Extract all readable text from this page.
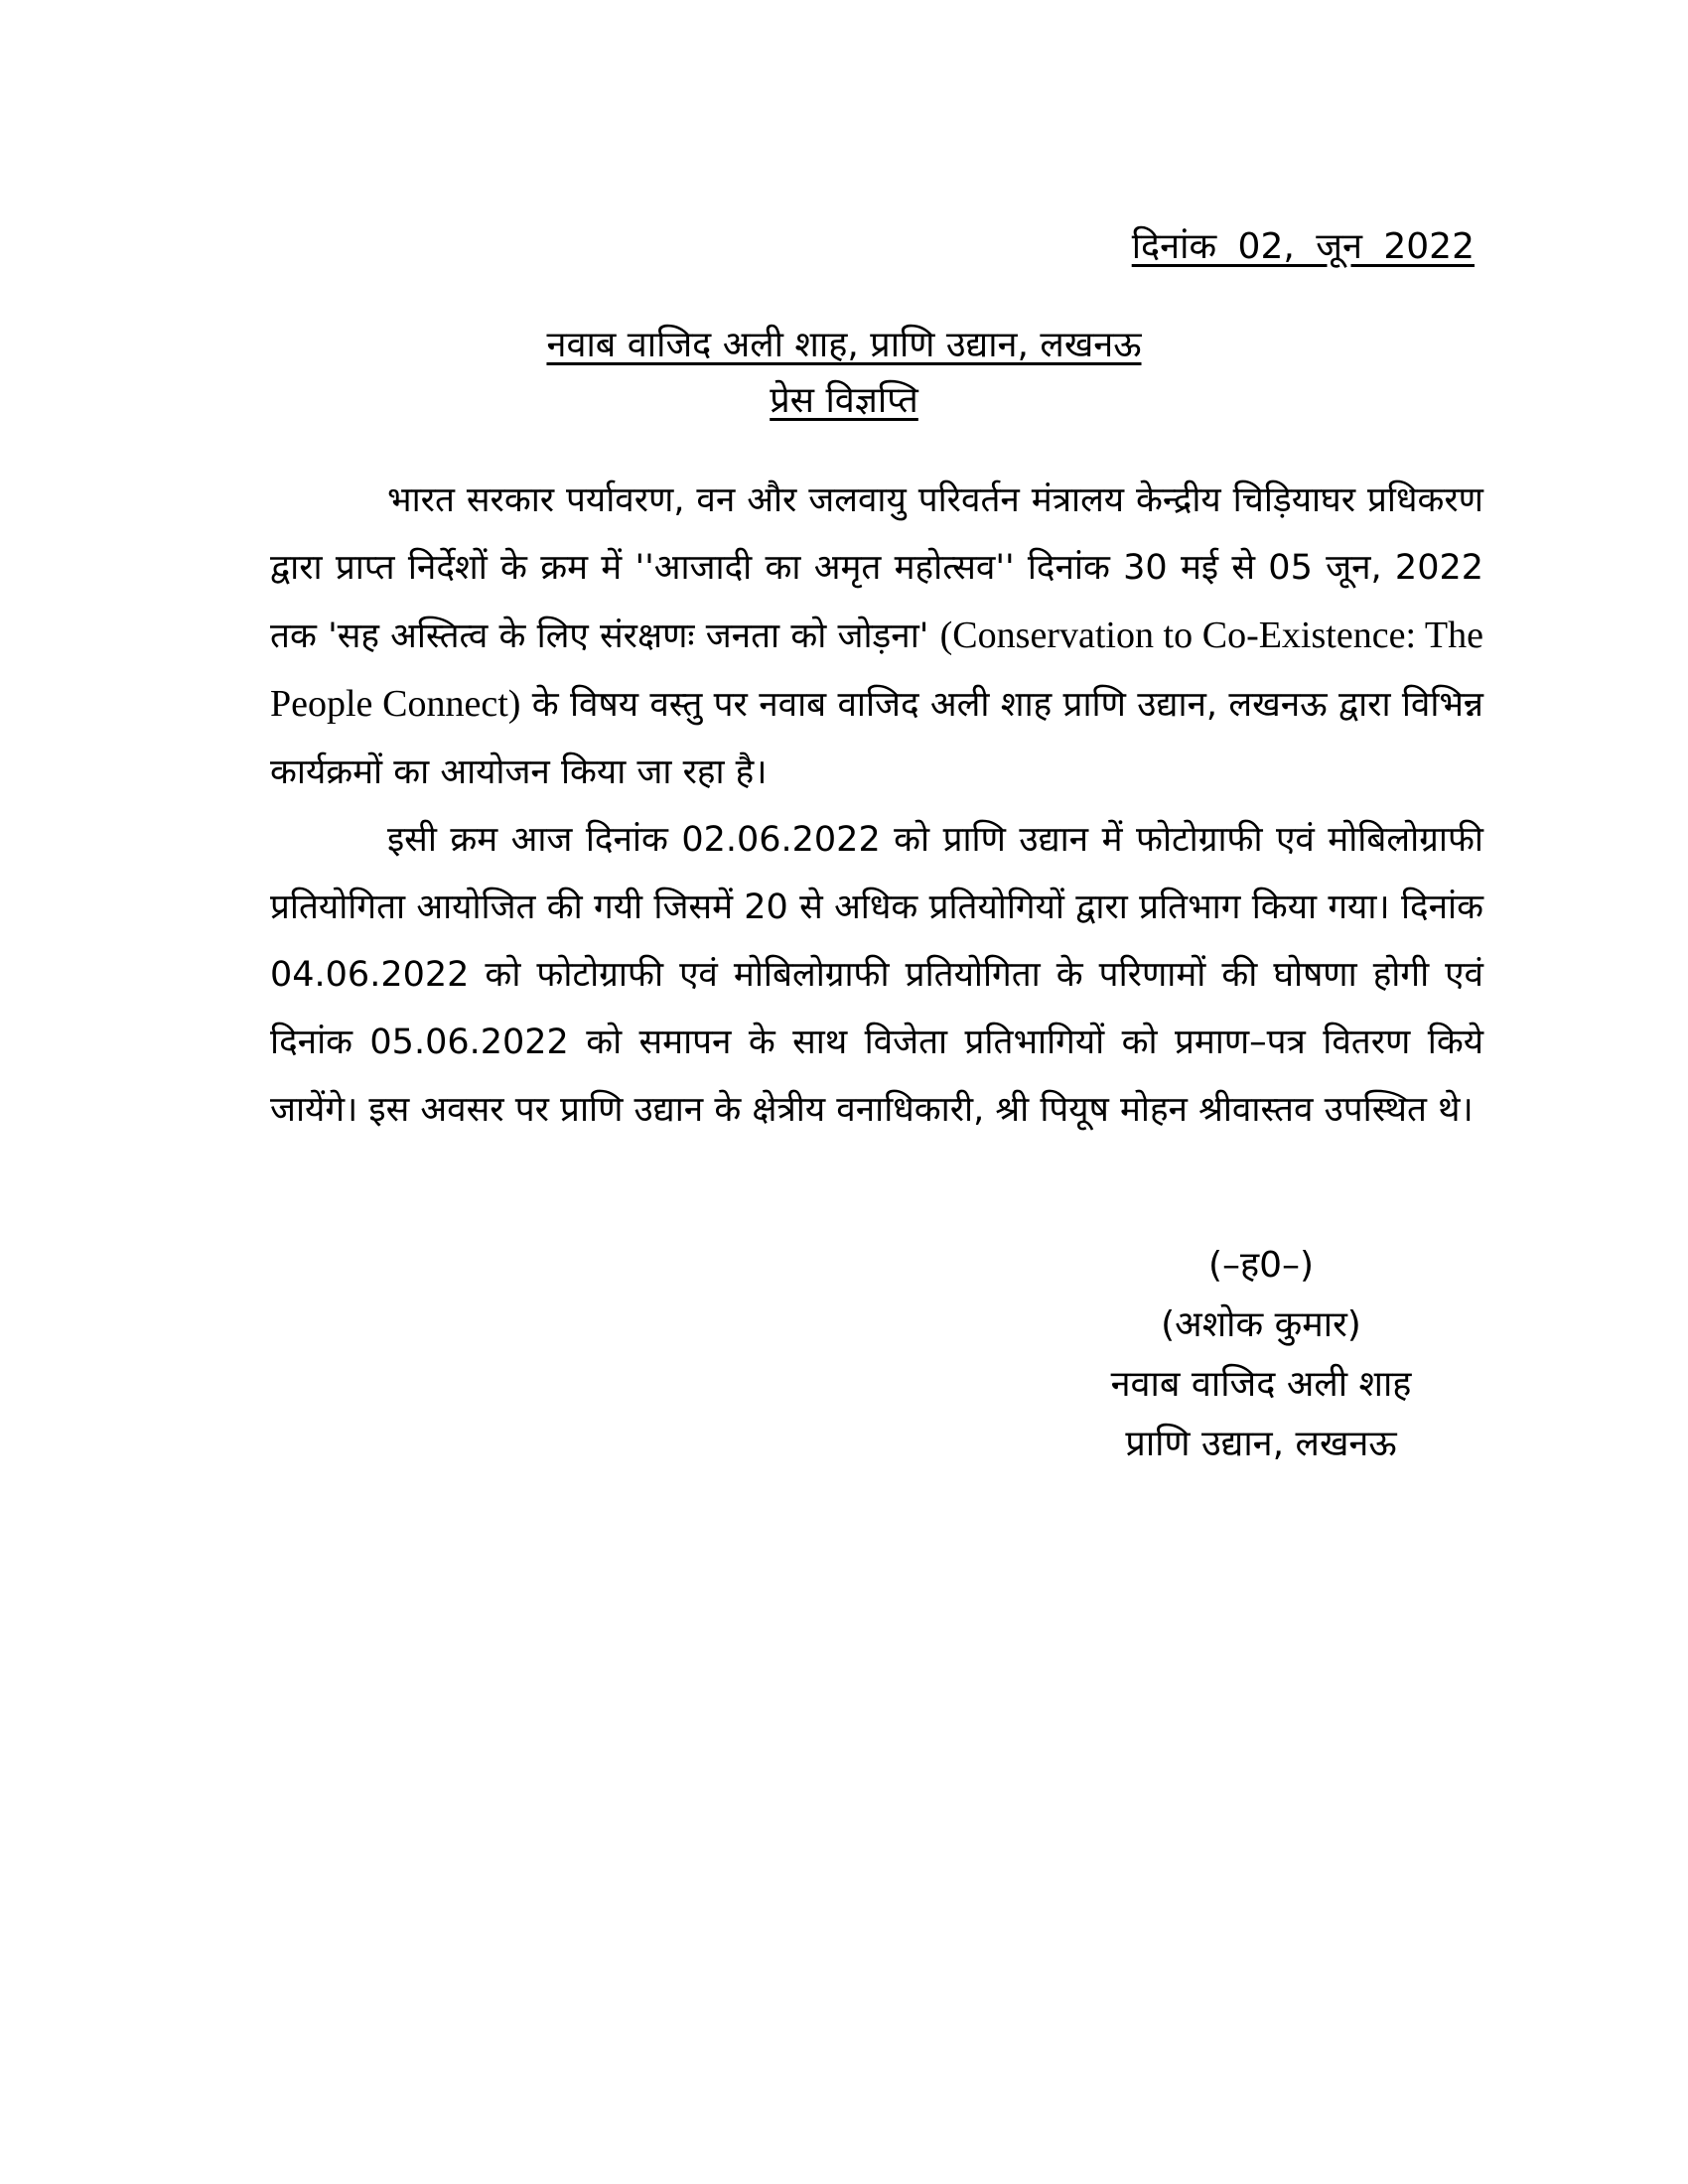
दिनांक 02, जून 2022
नवाब वाजिद अली शाह, प्राणि उद्यान, लखनऊ
प्रेस विज्ञप्ति

भारत सरकार पर्यावरण, वन और जलवायु परिवर्तन मंत्रालय केन्द्रीय चिड़ियाघर प्रधिकरण द्वारा प्राप्त निर्देशों के क्रम में ''आजादी का अमृत महोत्सव'' दिनांक 30 मई से 05 जून, 2022 तक 'सह अस्तित्व के लिए संरक्षणः जनता को जोड़ना' (Conservation to Co-Existence: The People Connect) के विषय वस्तु पर नवाब वाजिद अली शाह प्राणि उद्यान, लखनऊ द्वारा विभिन्न कार्यक्रमों का आयोजन किया जा रहा है।

इसी क्रम आज दिनांक 02.06.2022 को प्राणि उद्यान में फोटोग्राफी एवं मोबिलोग्राफी प्रतियोगिता आयोजित की गयी जिसमें 20 से अधिक प्रतियोगियों द्वारा प्रतिभाग किया गया। दिनांक 04.06.2022 को फोटोग्राफी एवं मोबिलोग्राफी प्रतियोगिता के परिणामों की घोषणा होगी एवं दिनांक 05.06.2022 को समापन के साथ विजेता प्रतिभागियों को प्रमाण–पत्र वितरण किये जायेंगे। इस अवसर पर प्राणि उद्यान के क्षेत्रीय वनाधिकारी, श्री पियूष मोहन श्रीवास्तव उपस्थित थे।

(–ह0–)
(अशोक कुमार)
नवाब वाजिद अली शाह
प्राणि उद्यान, लखनऊ
